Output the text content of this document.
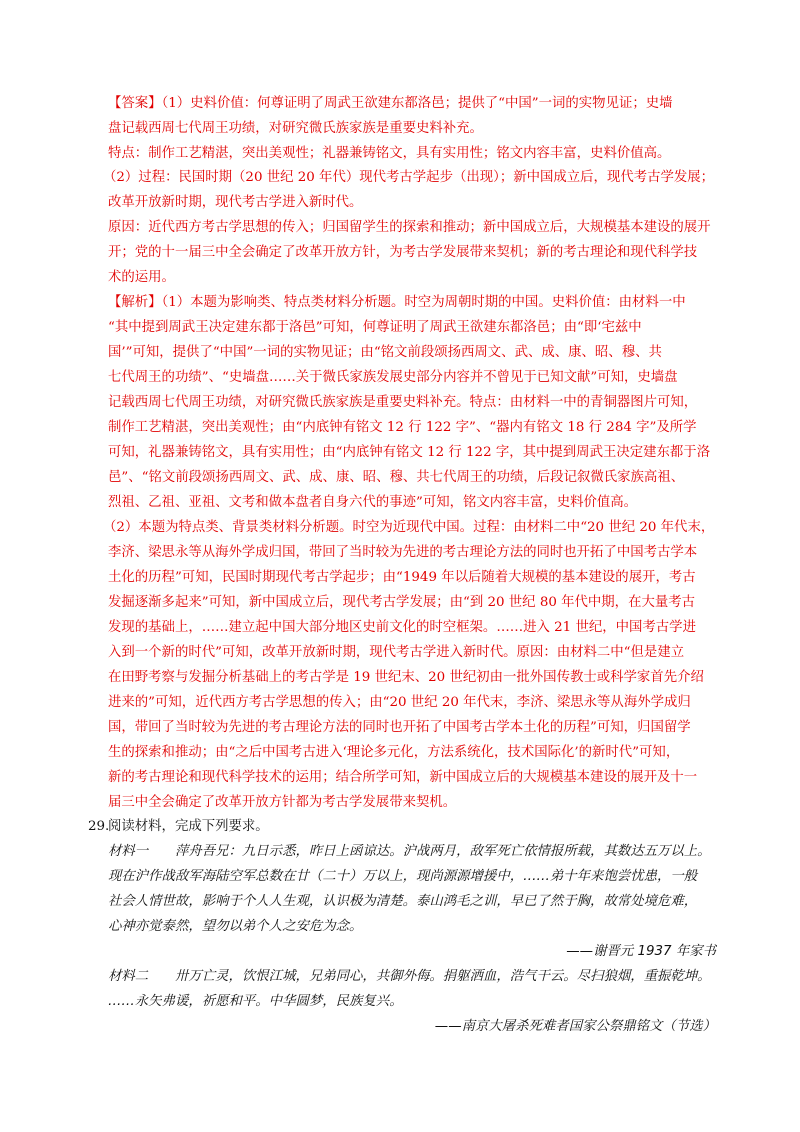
【答案】（1）史料价值：何尊证明了周武王欲建东都洛邑；提供了“中国”一词的实物见证；史墙
盘记载西周七代周王功绩，对研究微氏族家族是重要史料补充。
特点：制作工艺精湛，突出美观性；礼器兼铸铭文，具有实用性；铭文内容丰富，史料价值高。
（2）过程：民国时期（20 世纪 20 年代）现代考古学起步（出现）；新中国成立后，现代考古学发展；
改革开放新时期，现代考古学进入新时代。
原因：近代西方考古学思想的传入；归国留学生的探索和推动；新中国成立后，大规模基本建设的展开
开；党的十一届三中全会确定了改革开放方针，为考古学发展带来契机；新的考古理论和现代科学技
术的运用。
【解析】（1）本题为影响类、特点类材料分析题。时空为周朝时期的中国。史料价值：由材料一中
“其中提到周武王决定建东都于洛邑”可知，何尊证明了周武王欲建东都洛邑；由“即‘宅兹中
国’”可知，提供了“中国”一词的实物见证；由“铭文前段颂扬西周文、武、成、康、昭、穆、共
七代周王的功绩”、“史墙盘……关于微氏家族发展史部分内容并不曾见于已知文献”可知，史墙盘
记载西周七代周王功绩，对研究微氏族家族是重要史料补充。特点：由材料一中的青铜器图片可知，
制作工艺精湛，突出美观性；由“内底钟有铭文 12 行 122 字”、“器内有铭文 18 行 284 字”及所学
可知，礼器兼铸铭文，具有实用性；由“内底钟有铭文 12 行 122 字，其中提到周武王决定建东都于洛
邑”、“铭文前段颂扬西周文、武、成、康、昭、穆、共七代周王的功绩，后段记叙微氏家族高祖、
烈祖、乙祖、亚祖、文考和做本盘者自身六代的事迹”可知，铭文内容丰富，史料价值高。
（2）本题为特点类、背景类材料分析题。时空为近现代中国。过程：由材料二中“20 世纪 20 年代末，
李济、梁思永等从海外学成归国，带回了当时较为先进的考古理论方法的同时也开拓了中国考古学本
土化的历程”可知，民国时期现代考古学起步；由“1949 年以后随着大规模的基本建设的展开，考古
发掘逐渐多起来”可知，新中国成立后，现代考古学发展；由“到 20 世纪 80 年代中期，在大量考古
发现的基础上，……建立起中国大部分地区史前文化的时空框架。……进入 21 世纪，中国考古学进
入到一个新的时代”可知，改革开放新时期，现代考古学进入新时代。原因：由材料二中“但是建立
在田野考察与发掘分析基础上的考古学是 19 世纪末、20 世纪初由一批外国传教士或科学家首先介绍
进来的”可知，近代西方考古学思想的传入；由“20 世纪 20 年代末，李济、梁思永等从海外学成归
国，带回了当时较为先进的考古理论方法的同时也开拓了中国考古学本土化的历程”可知，归国留学
生的探索和推动；由“之后中国考古进入‘理论多元化，方法系统化，技术国际化’的新时代”可知，
新的考古理论和现代科学技术的运用；结合所学可知，新中国成立后的大规模基本建设的展开及十一
届三中全会确定了改革开放方针都为考古学发展带来契机。
29.
阅读材料，完成下列要求。
材料一　　萍舟吾兄：九日示悉，昨日上函谅达。沪战两月，敌军死亡依情报所载，其数达五万以上。
现在沪作战敌军海陆空军总数在廿（二十）万以上，现尚源源增援中，……弟十年来饱尝忧患，一般
社会人情世故，影响于个人人生观，认识极为清楚。泰山鸿毛之训，早已了然于胸，故常处境危难，
心神亦觉泰然，望勿以弟个人之安危为念。
——谢晋元 1937 年家书
材料二　　卅万亡灵，饮恨江城，兄弟同心，共御外侮。捐躯洒血，浩气干云。尽扫狼烟，重振乾坤。
……永矢弗谖，祈愿和平。中华圆梦，民族复兴。
——南京大屠杀死难者国家公祭鼎铭文（节选）
